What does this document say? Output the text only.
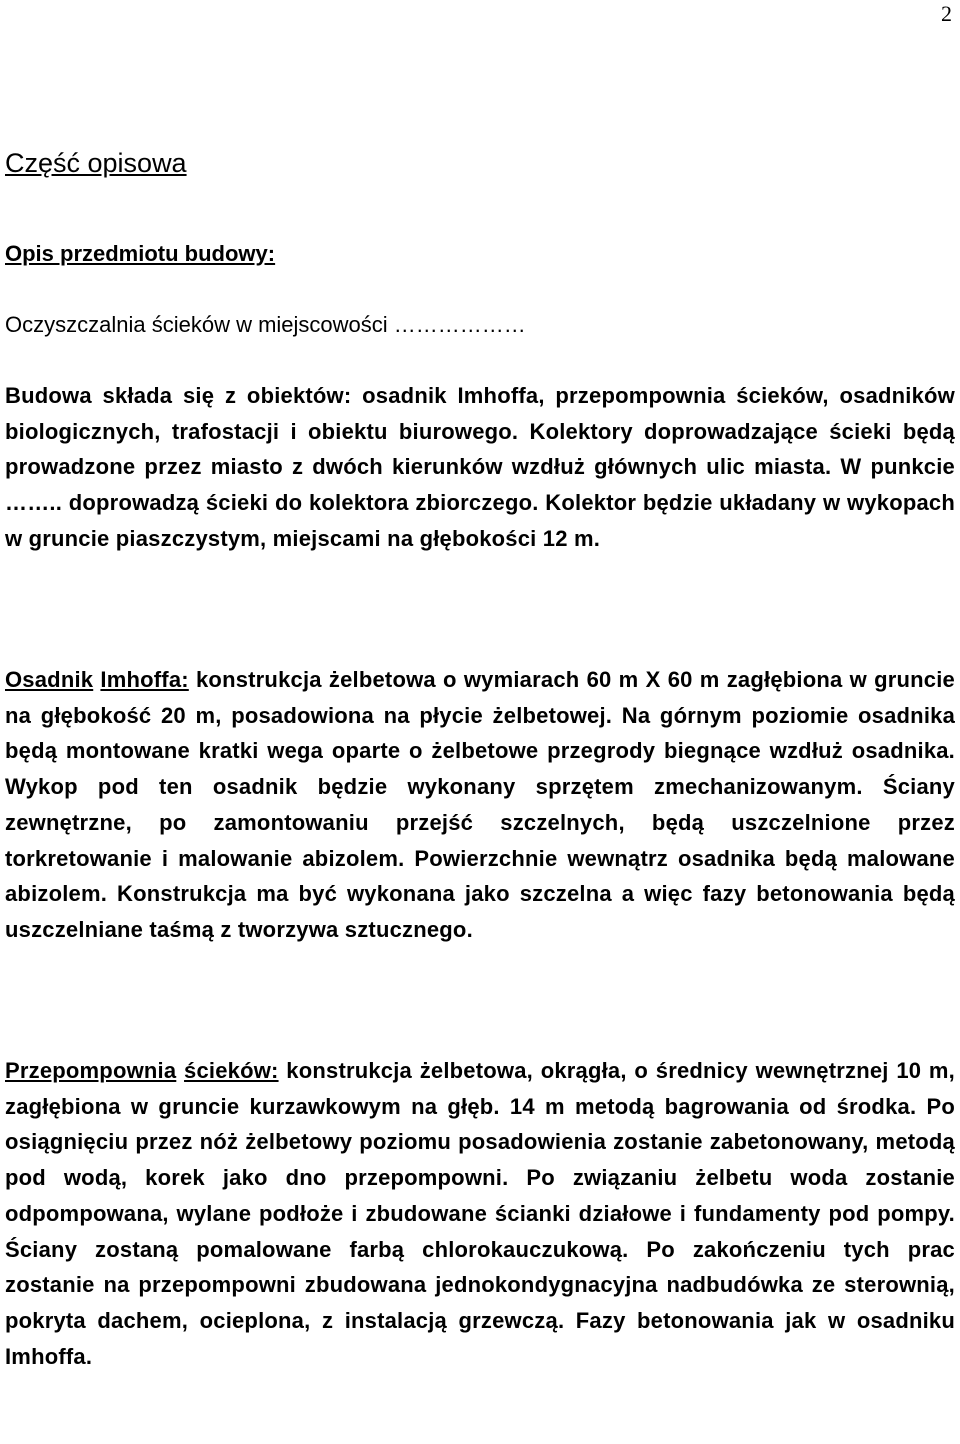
2
Część opisowa
Opis przedmiotu budowy:
Oczyszczalnia ścieków w miejscowości ………………

Budowa składa się z obiektów: osadnik Imhoffa, przepompownia ścieków, osadników biologicznych, trafostacji i obiektu biurowego. Kolektory doprowadzające ścieki będą prowadzone przez miasto z dwóch kierunków wzdłuż głównych ulic miasta. W punkcie …….. doprowadzą ścieki do kolektora zbiorczego. Kolektor będzie układany w wykopach w gruncie piaszczystym, miejscami na głębokości 12 m.

Osadnik Imhoffa: konstrukcja żelbetowa o wymiarach 60 m X 60 m zagłębiona w gruncie na głębokość 20 m, posadowiona na płycie żelbetowej. Na górnym poziomie osadnika będą montowane kratki wega oparte o żelbetowe przegrody biegnące wzdłuż osadnika. Wykop pod ten osadnik będzie wykonany sprzętem zmechanizowanym. Ściany zewnętrzne, po zamontowaniu przejść szczelnych, będą uszczelnione przez torkretowanie i malowanie abizolem. Powierzchnie wewnątrz osadnika będą malowane abizolem. Konstrukcja ma być wykonana jako szczelna a więc fazy betonowania będą uszczelniane taśmą z tworzywa sztucznego.

Przepompownia ścieków: konstrukcja żelbetowa, okrągła, o średnicy wewnętrznej 10 m, zagłębiona w gruncie kurzawkowym na głęb. 14 m metodą bagrowania od środka. Po osiągnięciu przez nóż żelbetowy poziomu posadowienia zostanie zabetonowany, metodą pod wodą, korek jako dno przepompowni. Po związaniu żelbetu woda zostanie odpompowana, wylane podłoże i zbudowane ścianki działowe i fundamenty pod pompy. Ściany zostaną pomalowane farbą chlorokauczukową. Po zakończeniu tych prac zostanie na przepompowni zbudowana jednokondygnacyjna nadbudówka ze sterownią, pokryta dachem, ocieplona, z instalacją grzewczą. Fazy betonowania jak w osadniku Imhoffa.
